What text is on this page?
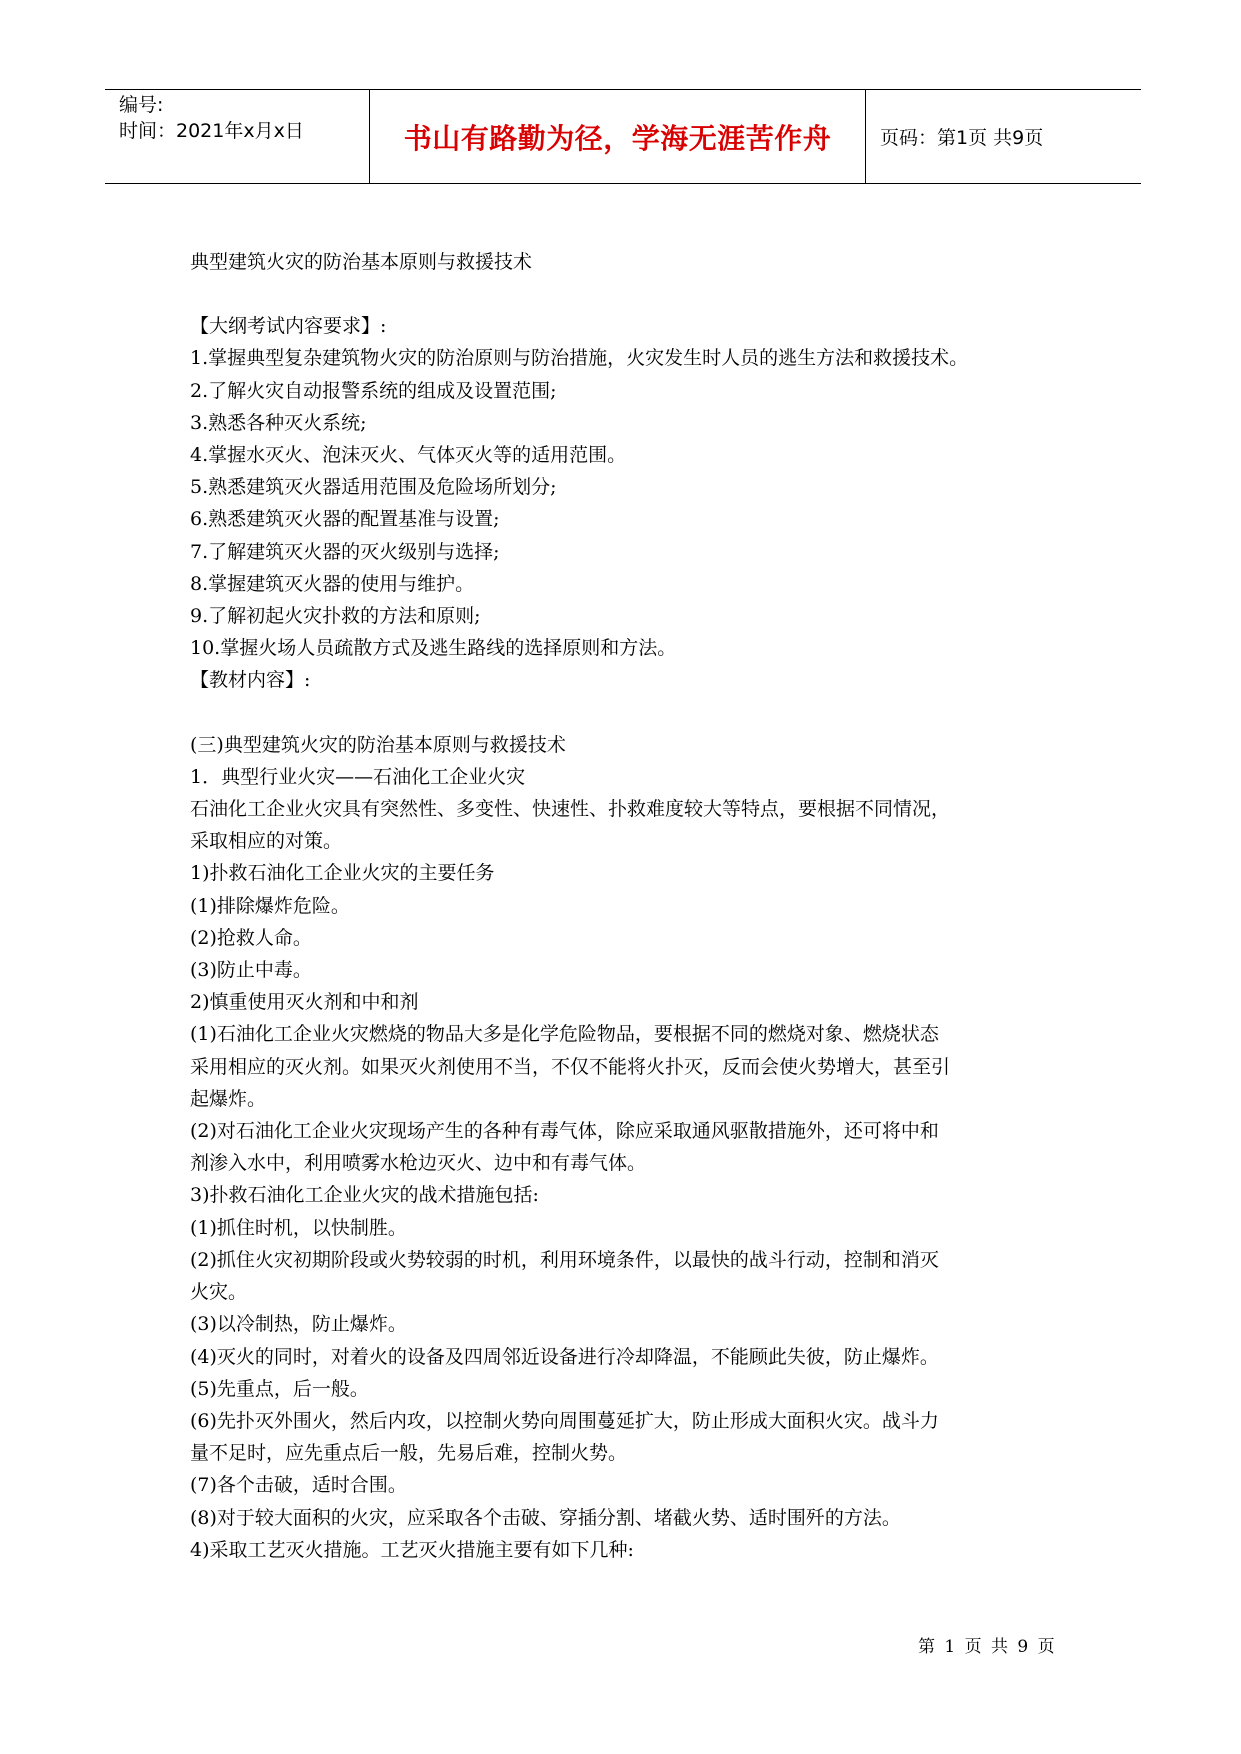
编号:
时间：2021年x月x日	书山有路勤为径，学海无涯苦作舟	页码：第1页 共9页

典型建筑火灾的防治基本原则与救援技术

【大纲考试内容要求】:

1.掌握典型复杂建筑物火灾的防治原则与防治措施，火灾发生时人员的逃生方法和救援技术。

2.了解火灾自动报警系统的组成及设置范围;

3.熟悉各种灭火系统;

4.掌握水灭火、泡沫灭火、气体灭火等的适用范围。

5.熟悉建筑灭火器适用范围及危险场所划分;

6.熟悉建筑灭火器的配置基准与设置;

7.了解建筑灭火器的灭火级别与选择;

8.掌握建筑灭火器的使用与维护。

9.了解初起火灾扑救的方法和原则;

10.掌握火场人员疏散方式及逃生路线的选择原则和方法。

【教材内容】:

(三)典型建筑火灾的防治基本原则与救援技术

1．典型行业火灾——石油化工企业火灾

石油化工企业火灾具有突然性、多变性、快速性、扑救难度较大等特点，要根据不同情况，

采取相应的对策。

1)扑救石油化工企业火灾的主要任务

(1)排除爆炸危险。

(2)抢救人命。

(3)防止中毒。

2)慎重使用灭火剂和中和剂

(1)石油化工企业火灾燃烧的物品大多是化学危险物品，要根据不同的燃烧对象、燃烧状态

采用相应的灭火剂。如果灭火剂使用不当，不仅不能将火扑灭，反而会使火势增大，甚至引

起爆炸。

(2)对石油化工企业火灾现场产生的各种有毒气体，除应采取通风驱散措施外，还可将中和

剂渗入水中，利用喷雾水枪边灭火、边中和有毒气体。

3)扑救石油化工企业火灾的战术措施包括:

(1)抓住时机，以快制胜。

(2)抓住火灾初期阶段或火势较弱的时机，利用环境条件，以最快的战斗行动，控制和消灭

火灾。

(3)以冷制热，防止爆炸。

(4)灭火的同时，对着火的设备及四周邻近设备进行冷却降温，不能顾此失彼，防止爆炸。

(5)先重点，后一般。

(6)先扑灭外围火，然后内攻，以控制火势向周围蔓延扩大，防止形成大面积火灾。战斗力

量不足时，应先重点后一般，先易后难，控制火势。

(7)各个击破，适时合围。

(8)对于较大面积的火灾，应采取各个击破、穿插分割、堵截火势、适时围歼的方法。

4)采取工艺灭火措施。工艺灭火措施主要有如下几种:

第 1 页 共 9 页
